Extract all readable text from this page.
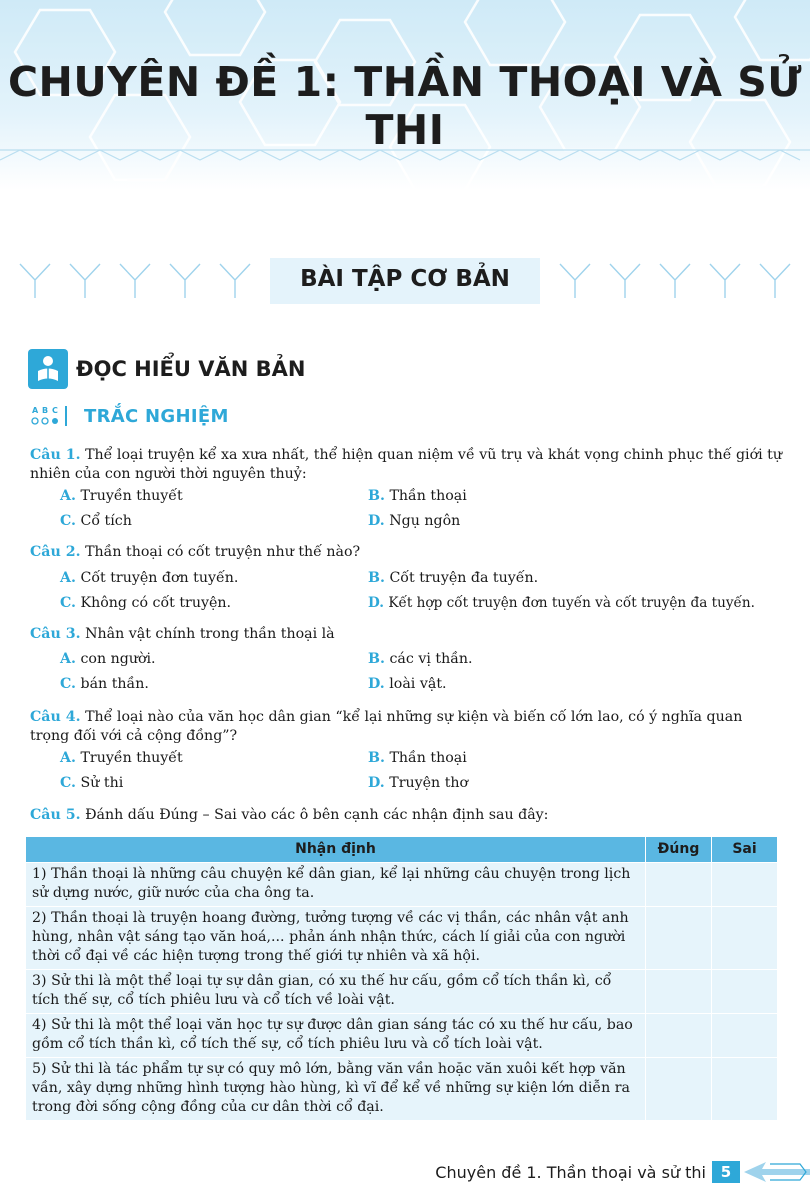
CHUYÊN ĐỀ 1: THẦN THOẠI VÀ SỬ THI
BÀI TẬP CƠ BẢN
ĐỌC HIỂU VĂN BẢN
A B C TRẮC NGHIỆM
Câu 1. Thể loại truyện kể xa xưa nhất, thể hiện quan niệm về vũ trụ và khát vọng chinh phục thế giới tự nhiên của con người thời nguyên thuỷ:
A. Truyền thuyết	B. Thần thoại
C. Cổ tích	D. Ngụ ngôn
Câu 2. Thần thoại có cốt truyện như thế nào?
A. Cốt truyện đơn tuyến.	B. Cốt truyện đa tuyến.
C. Không có cốt truyện.	D. Kết hợp cốt truyện đơn tuyến và cốt truyện đa tuyến.
Câu 3. Nhân vật chính trong thần thoại là
A. con người.	B. các vị thần.
C. bán thần.	D. loài vật.
Câu 4. Thể loại nào của văn học dân gian “kể lại những sự kiện và biến cố lớn lao, có ý nghĩa quan trọng đối với cả cộng đồng”?
A. Truyền thuyết	B. Thần thoại
C. Sử thi	D. Truyện thơ
Câu 5. Đánh dấu Đúng – Sai vào các ô bên cạnh các nhận định sau đây:
Nhận định	Đúng	Sai
1) Thần thoại là những câu chuyện kể dân gian, kể lại những câu chuyện trong lịch sử dựng nước, giữ nước của cha ông ta.		
2) Thần thoại là truyện hoang đường, tưởng tượng về các vị thần, các nhân vật anh hùng, nhân vật sáng tạo văn hoá,... phản ánh nhận thức, cách lí giải của con người thời cổ đại về các hiện tượng trong thế giới tự nhiên và xã hội.		
3) Sử thi là một thể loại tự sự dân gian, có xu thế hư cấu, gồm cổ tích thần kì, cổ tích thế sự, cổ tích phiêu lưu và cổ tích về loài vật.		
4) Sử thi là một thể loại văn học tự sự được dân gian sáng tác có xu thế hư cấu, bao gồm cổ tích thần kì, cổ tích thế sự, cổ tích phiêu lưu và cổ tích loài vật.		
5) Sử thi là tác phẩm tự sự có quy mô lớn, bằng văn vần hoặc văn xuôi kết hợp văn vần, xây dựng những hình tượng hào hùng, kì vĩ để kể về những sự kiện lớn diễn ra trong đời sống cộng đồng của cư dân thời cổ đại.		
Chuyên đề 1. Thần thoại và sử thi 5
